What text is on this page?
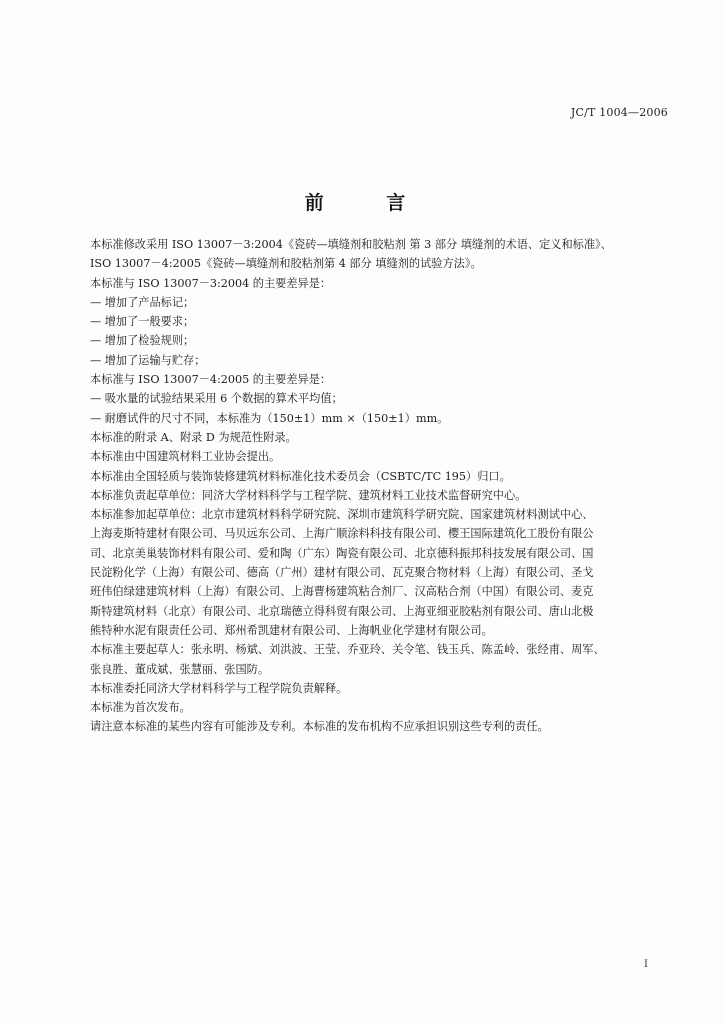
JC/T 1004—2006
前 言
本标准修改采用 ISO 13007－3:2004《瓷砖—填缝剂和胶粘剂 第 3 部分 填缝剂的术语、定义和标准》、
ISO 13007－4:2005《瓷砖—填缝剂和胶粘剂第 4 部分 填缝剂的试验方法》。
本标准与 ISO 13007－3:2004 的主要差异是：
— 增加了产品标记；
— 增加了一般要求；
— 增加了检验规则；
— 增加了运输与贮存；
本标准与 ISO 13007－4:2005 的主要差异是：
— 吸水量的试验结果采用 6 个数据的算术平均值；
— 耐磨试件的尺寸不同，本标准为（150±1）mm ×（150±1）mm。
本标准的附录 A、附录 D 为规范性附录。
本标准由中国建筑材料工业协会提出。
本标准由全国轻质与装饰装修建筑材料标准化技术委员会（CSBTC/TC 195）归口。
本标准负责起草单位：同济大学材料科学与工程学院、建筑材料工业技术监督研究中心。
本标准参加起草单位：北京市建筑材料科学研究院、深圳市建筑科学研究院、国家建筑材料测试中心、
上海麦斯特建材有限公司、马贝远东公司、上海广顺涂料科技有限公司、樱王国际建筑化工股份有限公
司、北京美巢装饰材料有限公司、爱和陶（广东）陶瓷有限公司、北京德科振邦科技发展有限公司、国
民淀粉化学（上海）有限公司、德高（广州）建材有限公司、瓦克聚合物材料（上海）有限公司、圣戈
班伟伯绿建建筑材料（上海）有限公司、上海曹杨建筑粘合剂厂、汉高粘合剂（中国）有限公司、麦克
斯特建筑材料（北京）有限公司、北京瑞德立得科贸有限公司、上海亚细亚胶粘剂有限公司、唐山北极
熊特种水泥有限责任公司、郑州希凯建材有限公司、上海帆业化学建材有限公司。
本标准主要起草人：张永明、杨斌、刘洪波、王莹、乔亚玲、关令笔、钱玉兵、陈孟岭、张经甫、周军、
张良胜、董成斌、张慧丽、张国防。
本标准委托同济大学材料科学与工程学院负责解释。
本标准为首次发布。
请注意本标准的某些内容有可能涉及专利。本标准的发布机构不应承担识别这些专利的责任。
I
